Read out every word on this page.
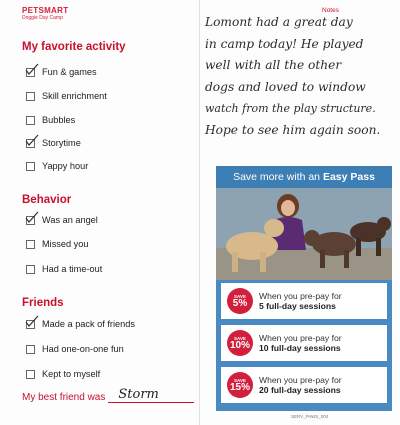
PETSMART
Doggie Day Camp
My favorite activity
Fun & games
Skill enrichment
Bubbles
Storytime
Yappy hour
Behavior
Was an angel
Missed you
Had a time-out
Friends
Made a pack of friends
Had one-on-one fun
Kept to myself
My best friend was Storm
Notes
Lomont had a great day
in camp today! He played
well with all the other
dogs and loved to window
watch from the play structure.
Hope to see him again soon.
Save more with an Easy Pass
SAVE
5%
When you pre-pay for
5 full-day sessions
SAVE
10%
When you pre-pay for
10 full-day sessions
SAVE
15%
When you pre-pay for
20 full-day sessions
SERV_PAWS_004
